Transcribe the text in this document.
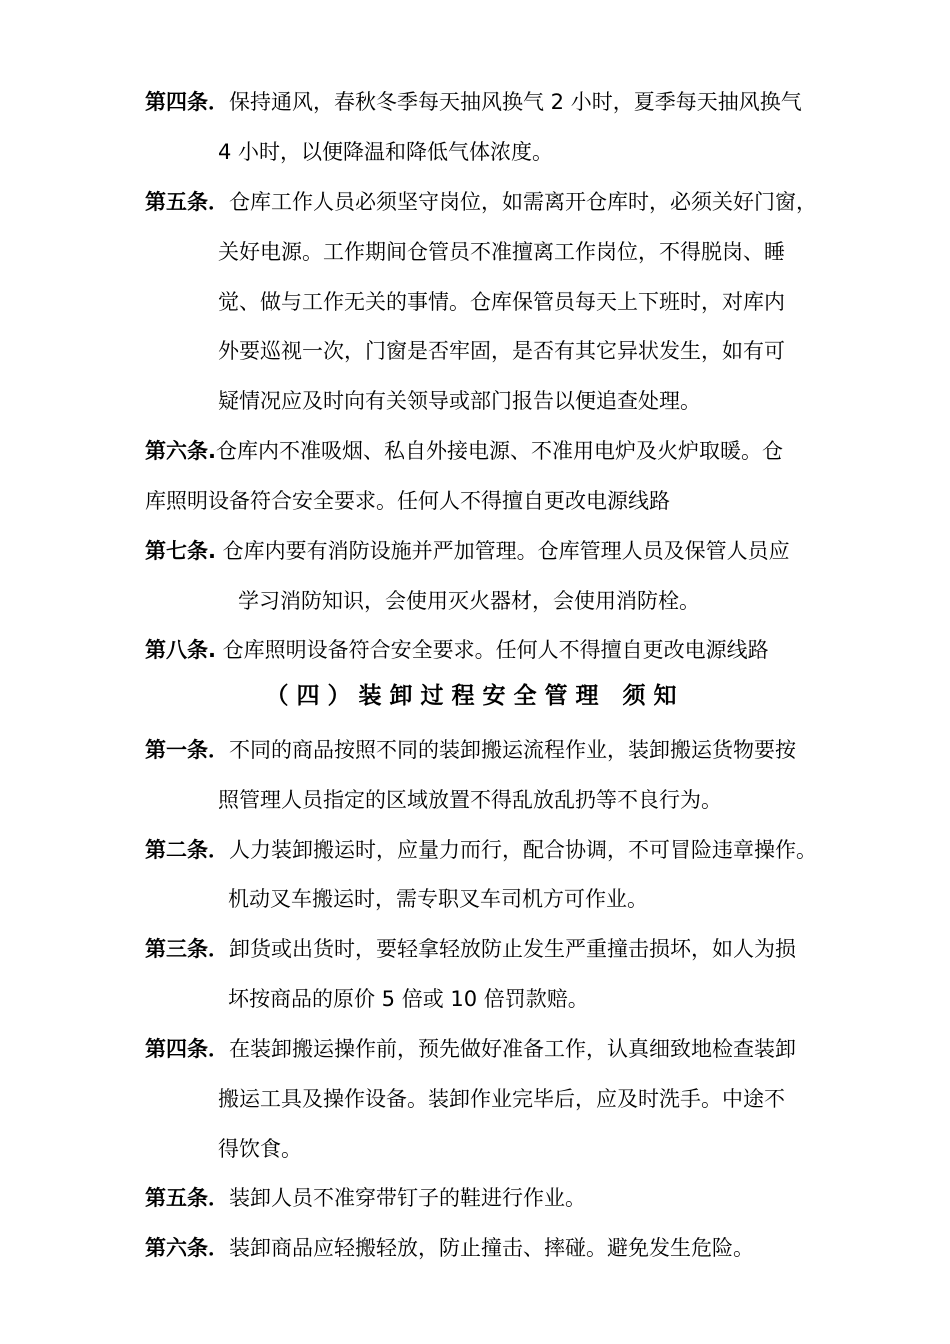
第四条．保持通风，春秋冬季每天抽风换气 2 小时，夏季每天抽风换气
4 小时，以便降温和降低气体浓度。
第五条．仓库工作人员必须坚守岗位，如需离开仓库时，必须关好门窗，
关好电源。工作期间仓管员不准擅离工作岗位，不得脱岗、睡
觉、做与工作无关的事情。仓库保管员每天上下班时，对库内
外要巡视一次，门窗是否牢固，是否有其它异状发生，如有可
疑情况应及时向有关领导或部门报告以便追查处理。
第六条.仓库内不准吸烟、私自外接电源、不准用电炉及火炉取暖。仓
库照明设备符合安全要求。任何人不得擅自更改电源线路
第七条. 仓库内要有消防设施并严加管理。仓库管理人员及保管人员应
学习消防知识，会使用灭火器材，会使用消防栓。
第八条. 仓库照明设备符合安全要求。任何人不得擅自更改电源线路
（四）装卸过程安全管理 须知
第一条．不同的商品按照不同的装卸搬运流程作业，装卸搬运货物要按
照管理人员指定的区域放置不得乱放乱扔等不良行为。
第二条．人力装卸搬运时，应量力而行，配合协调，不可冒险违章操作。
机动叉车搬运时，需专职叉车司机方可作业。
第三条．卸货或出货时，要轻拿轻放防止发生严重撞击损坏，如人为损
坏按商品的原价 5 倍或 10 倍罚款赔。
第四条．在装卸搬运操作前，预先做好准备工作，认真细致地检查装卸
搬运工具及操作设备。装卸作业完毕后，应及时洗手。中途不
得饮食。
第五条．装卸人员不准穿带钉子的鞋进行作业。
第六条．装卸商品应轻搬轻放，防止撞击、摔碰。避免发生危险。
